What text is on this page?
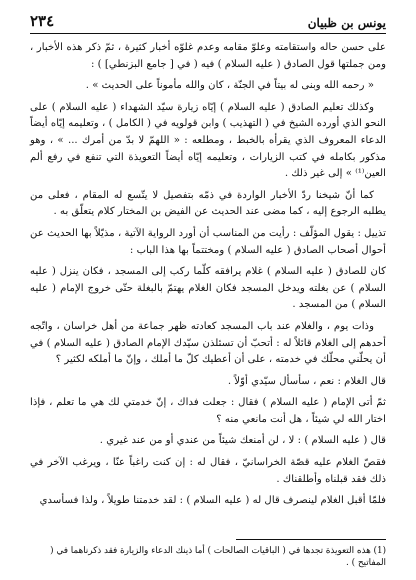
يونس بن ظبيان
٢٣٤

على حسن حاله واستقامته وعلوّ مقامه وعدم غلوّه أخبار كثيرة ، ثمّ ذكر هذه الأخبار ، ومن جملتها قول الصادق ( عليه السلام ) فيه ( في [ جامع البزنطي] ) :

« رحمه الله وبنى له بيتاً في الجنّة ، كان والله مأموناً على الحديث » .

وكذلك تعليم الصادق ( عليه السلام ) إيّاه زيارة سيّد الشهداء ( عليه السلام ) على النحو الذي أورده الشيخ في ( التهذيب ) وابن قولويه في ( الكامل ) ، وتعليمه إيّاه أيضاً الدعاء المعروف الذي يقرأه بالخبط ، ومطلعه : « اللهمّ لا بدّ من أمرك ... » ، وهو مذكور بكامله في كتب الزيارات ، وتعليمه إيّاه أيضاً التعويذة التي تنفع في رفع ألم العين⁽¹⁾ » إلى غير ذلك .

كما أنّ شيخنا ردّ الأخبار الواردة في ذمّه بتفصيل لا يتّسع له المقام ، فعلى من يطلبه الرجوع إليه ، كما مضى عند الحديث عن الفيض بن المختار كلام يتعلّق به .

تذييل : يقول المؤلّف : رأيت من المناسب أن أورد الرواية الآتية ، مذيّلاً بها الحديث عن أحوال أصحاب الصادق ( عليه السلام ) ومختتماً بها هذا الباب :

كان للصادق ( عليه السلام ) غلام يرافقه كلّما ركب إلى المسجد ، فكان ينزل ( عليه السلام ) عن بغلته ويدخل المسجد فكان الغلام يهتمّ بالبغلة حتّى خروج الإمام ( عليه السلام ) من المسجد .

وذات يوم ، والغلام عند باب المسجد كعادته ظهر جماعة من أهل خراسان ، واتّجه أحدهم إلى الغلام قائلاً له : أتحبّ أن تسئلذن سيّدك الإمام الصادق ( عليه السلام ) في أن يحلّني محلّك في خدمته ، على أن أعطيك كلّ ما أملك ، وإنّ ما أملكه لكثير ؟

قال الغلام : نعم ، سأسأل سيّدي أوّلاً .

ثمّ أتى الإمام ( عليه السلام ) فقال : جعلت فداك ، إنّ خدمتي لك هي ما تعلم ، فإذا اختار الله لي شيئاً ، هل أنت مانعي منه ؟

قال ( عليه السلام ) : لا ، لن أمنعك شيئاً من عندي أو من عند غيري .

فقصّ الغلام عليه قصّة الخراسانيّ ، فقال له : إن كنت راغباً عنّا ، ويرغب الآخر في ذلك فقد قبلناه وأطلقناك .

فلمّا أقبل الغلام لينصرف قال له ( عليه السلام ) : لقد خدمتنا طويلاً ، ولذا فسأسدي

(1) هذه التعويذة تجدها في ( الباقيات الصالحات ) أما ذينك الدعاء والزيارة فقد ذكرناهما في ( المفاتيح ) .
